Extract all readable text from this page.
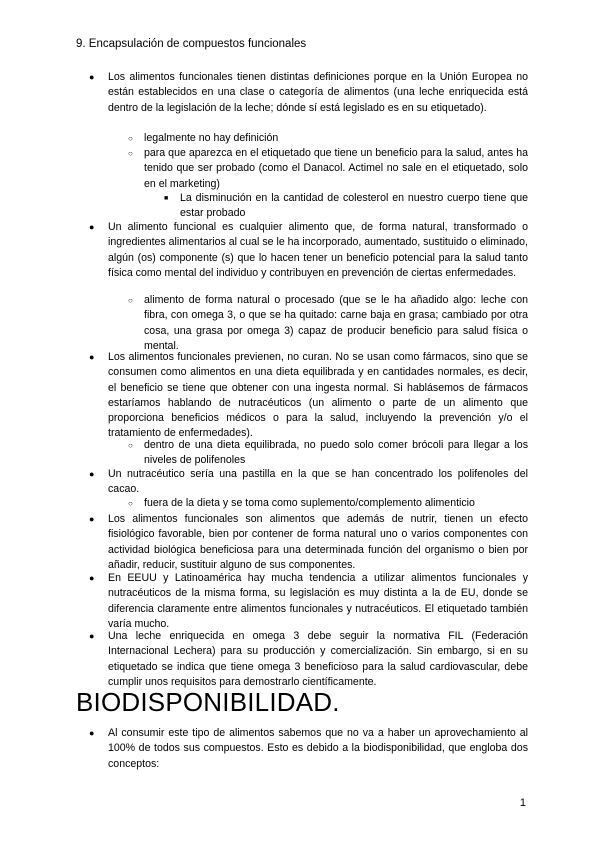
9. Encapsulación de compuestos funcionales
● Los alimentos funcionales tienen distintas definiciones porque en la Unión Europea no están establecidos en una clase o categoría de alimentos (una leche enriquecida está dentro de la legislación de la leche; dónde sí está legislado es en su etiquetado).
○ legalmente no hay definición
○ para que aparezca en el etiquetado que tiene un beneficio para la salud, antes ha tenido que ser probado (como el Danacol. Actimel no sale en el etiquetado, solo en el marketing)
■ La disminución en la cantidad de colesterol en nuestro cuerpo tiene que estar probado
● Un alimento funcional es cualquier alimento que, de forma natural, transformado o ingredientes alimentarios al cual se le ha incorporado, aumentado, sustituido o eliminado, algún (os) componente (s) que lo hacen tener un beneficio potencial para la salud tanto física como mental del individuo y contribuyen en prevención de ciertas enfermedades.
○ alimento de forma natural o procesado (que se le ha añadido algo: leche con fibra, con omega 3, o que se ha quitado: carne baja en grasa; cambiado por otra cosa, una grasa por omega 3) capaz de producir beneficio para salud física o mental.
● Los alimentos funcionales previenen, no curan. No se usan como fármacos, sino que se consumen como alimentos en una dieta equilibrada y en cantidades normales, es decir, el beneficio se tiene que obtener con una ingesta normal. Si hablásemos de fármacos estaríamos hablando de nutracéuticos (un alimento o parte de un alimento que proporciona beneficios médicos o para la salud, incluyendo la prevención y/o el tratamiento de enfermedades).
○ dentro de una dieta equilibrada, no puedo solo comer brócoli para llegar a los niveles de polifenoles
● Un nutracéutico sería una pastilla en la que se han concentrado los polifenoles del cacao.
○ fuera de la dieta y se toma como suplemento/complemento alimenticio
● Los alimentos funcionales son alimentos que además de nutrir, tienen un efecto fisiológico favorable, bien por contener de forma natural uno o varios componentes con actividad biológica beneficiosa para una determinada función del organismo o bien por añadir, reducir, sustituir alguno de sus componentes.
● En EEUU y Latinoamérica hay mucha tendencia a utilizar alimentos funcionales y nutracéuticos de la misma forma, su legislación es muy distinta a la de EU, donde se diferencia claramente entre alimentos funcionales y nutracéuticos. El etiquetado también varía mucho.
● Una leche enriquecida en omega 3 debe seguir la normativa FIL (Federación Internacional Lechera) para su producción y comercialización. Sin embargo, si en su etiquetado se indica que tiene omega 3 beneficioso para la salud cardiovascular, debe cumplir unos requisitos para demostrarlo científicamente.
BIODISPONIBILIDAD.
● Al consumir este tipo de alimentos sabemos que no va a haber un aprovechamiento al 100% de todos sus compuestos. Esto es debido a la biodisponibilidad, que engloba dos conceptos:
1
